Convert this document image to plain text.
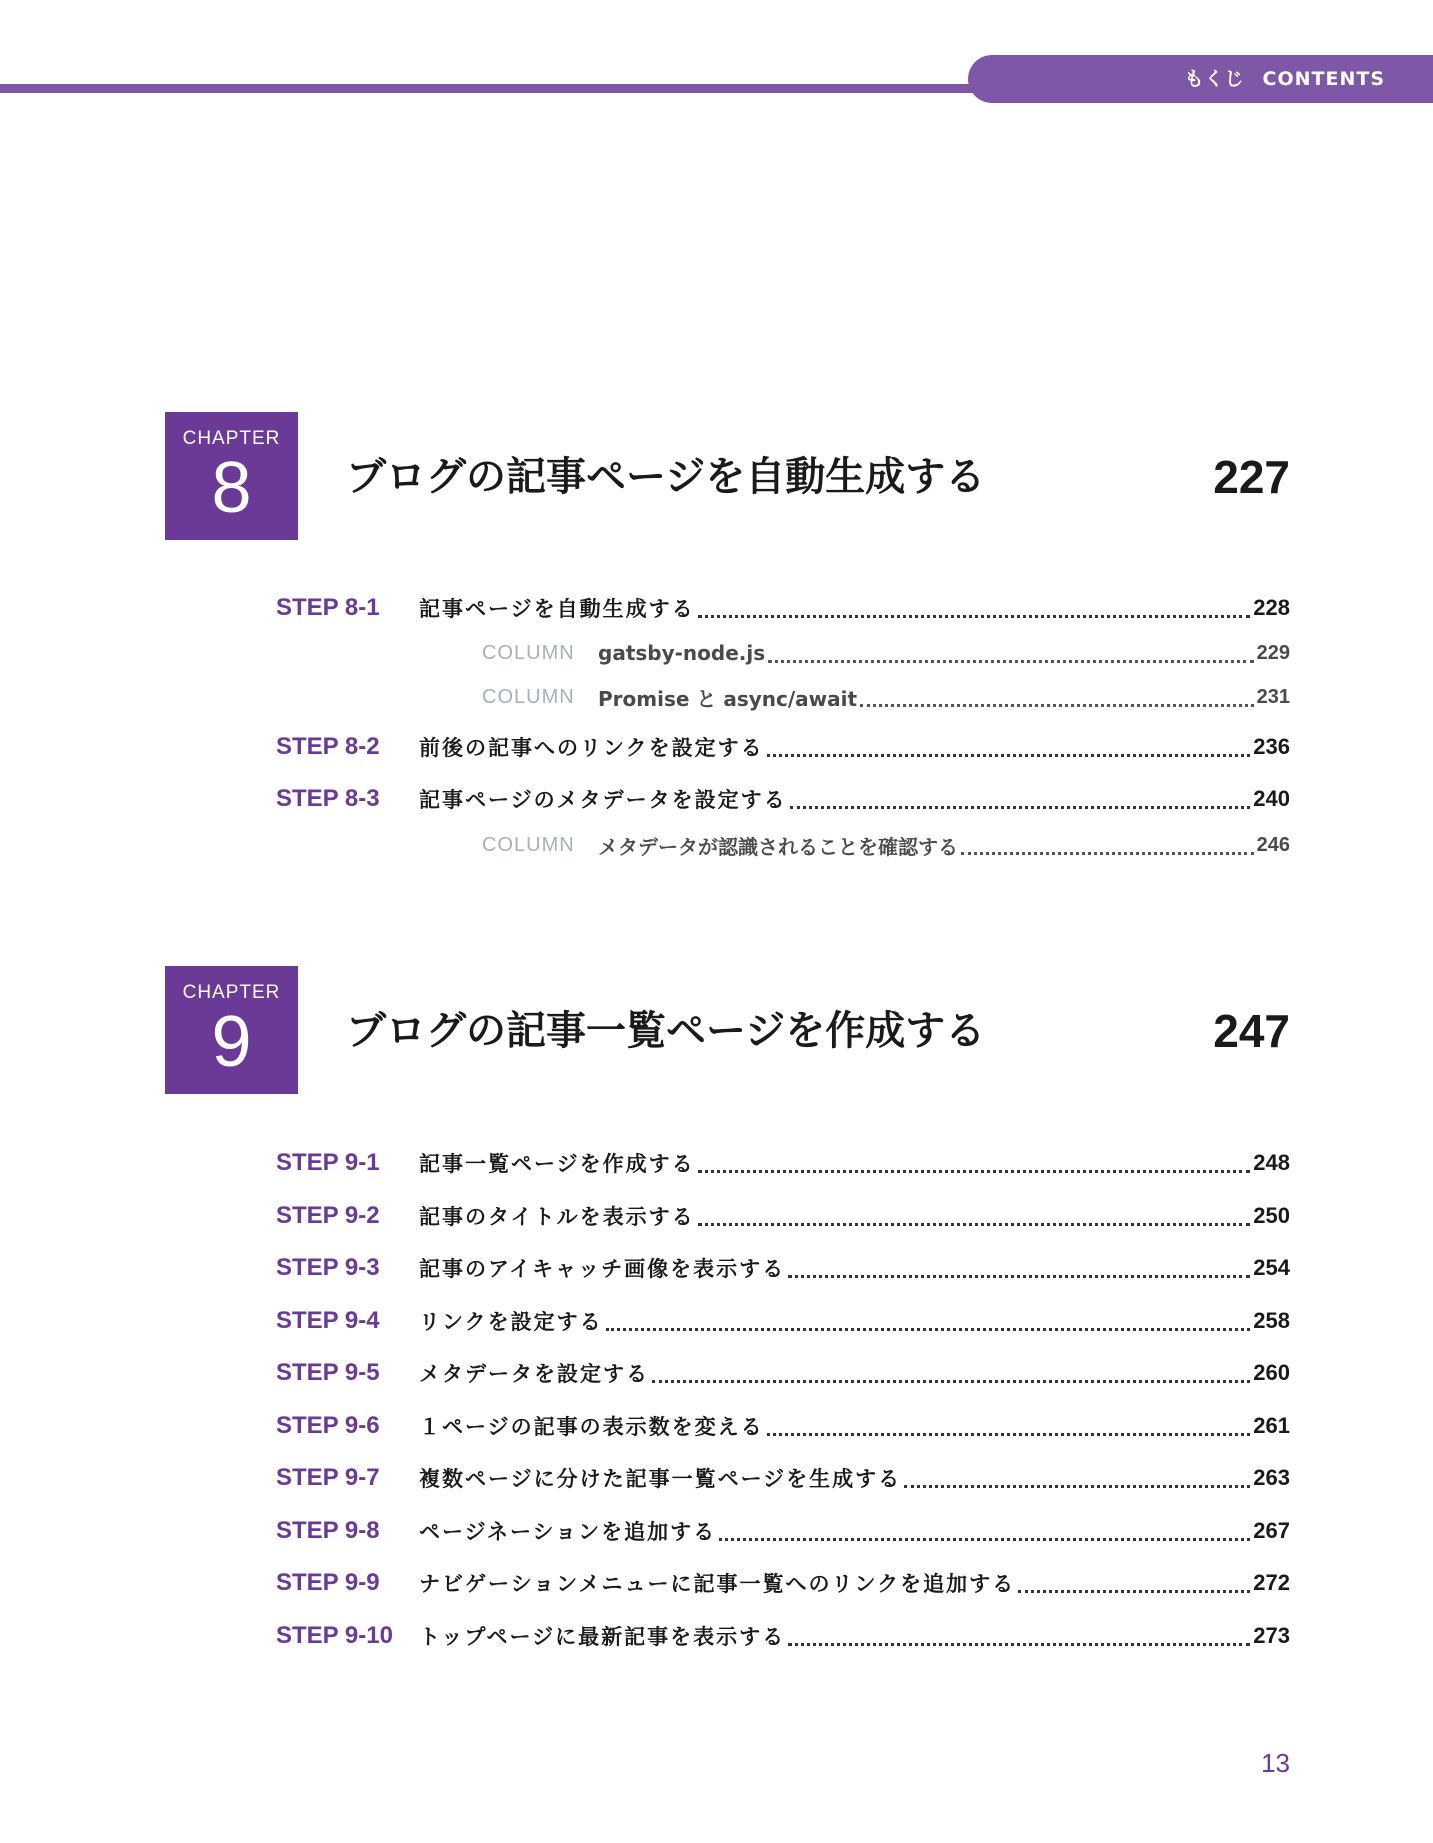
もくじ CONTENTS
CHAPTER
8	ブログの記事ページを自動生成する	227
STEP 8-1 記事ページを自動生成する	228
COLUMN gatsby-node.js	229
COLUMN Promise と async/await	231
STEP 8-2 前後の記事へのリンクを設定する	236
STEP 8-3 記事ページのメタデータを設定する	240
COLUMN メタデータが認識されることを確認する	246
CHAPTER
9	ブログの記事一覧ページを作成する	247
STEP 9-1 記事一覧ページを作成する	248
STEP 9-2 記事のタイトルを表示する	250
STEP 9-3 記事のアイキャッチ画像を表示する	254
STEP 9-4 リンクを設定する	258
STEP 9-5 メタデータを設定する	260
STEP 9-6 １ページの記事の表示数を変える	261
STEP 9-7 複数ページに分けた記事一覧ページを生成する	263
STEP 9-8 ページネーションを追加する	267
STEP 9-9 ナビゲーションメニューに記事一覧へのリンクを追加する	272
STEP 9-10 トップページに最新記事を表示する	273
13
